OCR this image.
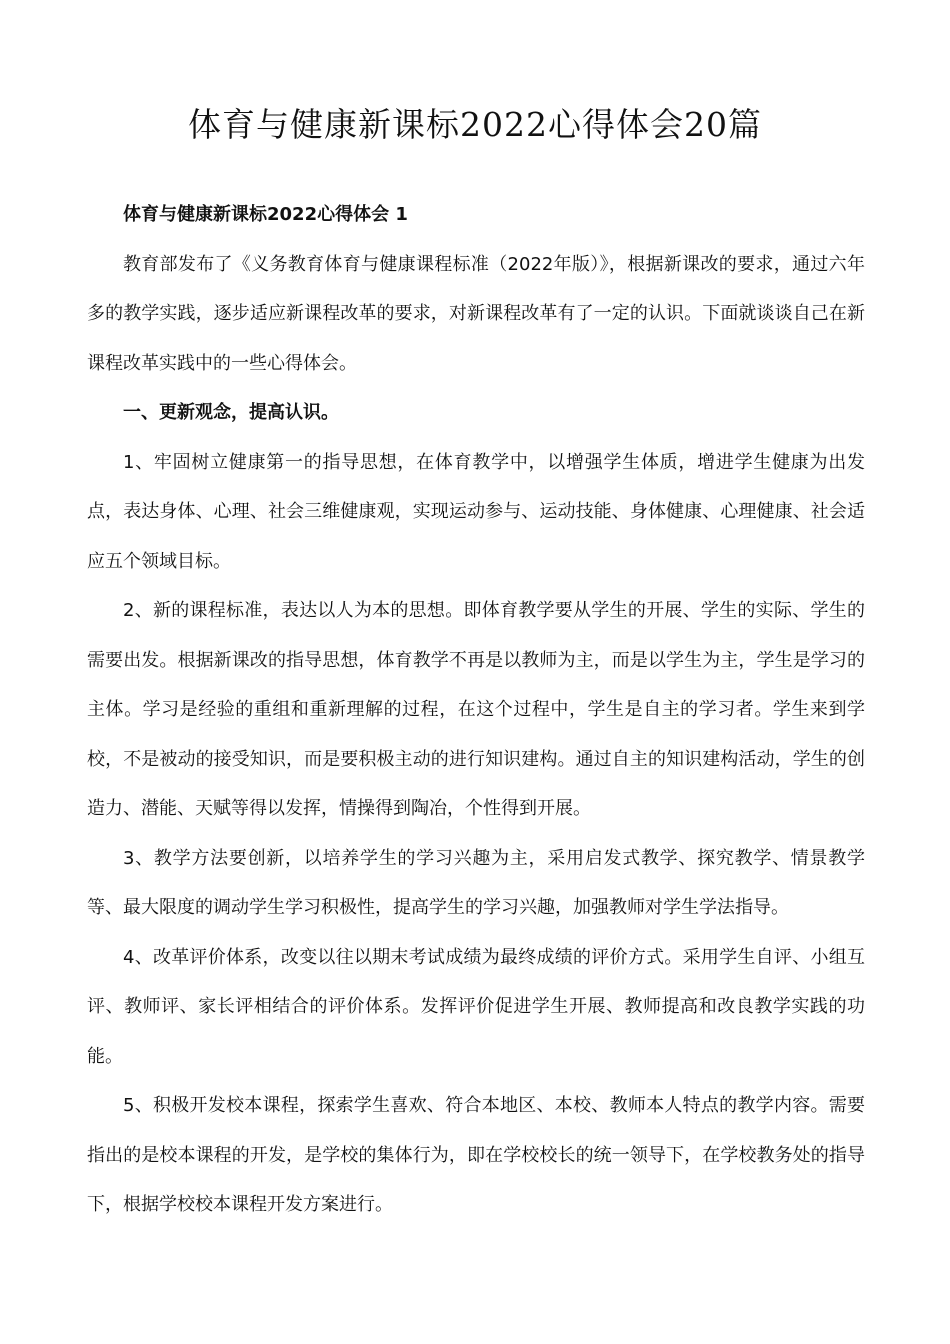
体育与健康新课标2022心得体会20篇

体育与健康新课标2022心得体会 1

教育部发布了《义务教育体育与健康课程标准（2022年版）》，根据新课改的要求，通过六年多的教学实践，逐步适应新课程改革的要求，对新课程改革有了一定的认识。下面就谈谈自己在新课程改革实践中的一些心得体会。

一、更新观念，提高认识。

1、牢固树立健康第一的指导思想，在体育教学中，以增强学生体质，增进学生健康为出发点，表达身体、心理、社会三维健康观，实现运动参与、运动技能、身体健康、心理健康、社会适应五个领域目标。

2、新的课程标准，表达以人为本的思想。即体育教学要从学生的开展、学生的实际、学生的需要出发。根据新课改的指导思想，体育教学不再是以教师为主，而是以学生为主，学生是学习的主体。学习是经验的重组和重新理解的过程，在这个过程中，学生是自主的学习者。学生来到学校，不是被动的接受知识，而是要积极主动的进行知识建构。通过自主的知识建构活动，学生的创造力、潜能、天赋等得以发挥，情操得到陶冶，个性得到开展。

3、教学方法要创新，以培养学生的学习兴趣为主，采用启发式教学、探究教学、情景教学等、最大限度的调动学生学习积极性，提高学生的学习兴趣，加强教师对学生学法指导。

4、改革评价体系，改变以往以期末考试成绩为最终成绩的评价方式。采用学生自评、小组互评、教师评、家长评相结合的评价体系。发挥评价促进学生开展、教师提高和改良教学实践的功能。

5、积极开发校本课程，探索学生喜欢、符合本地区、本校、教师本人特点的教学内容。需要指出的是校本课程的开发，是学校的集体行为，即在学校校长的统一领导下，在学校教务处的指导下，根据学校校本课程开发方案进行。
